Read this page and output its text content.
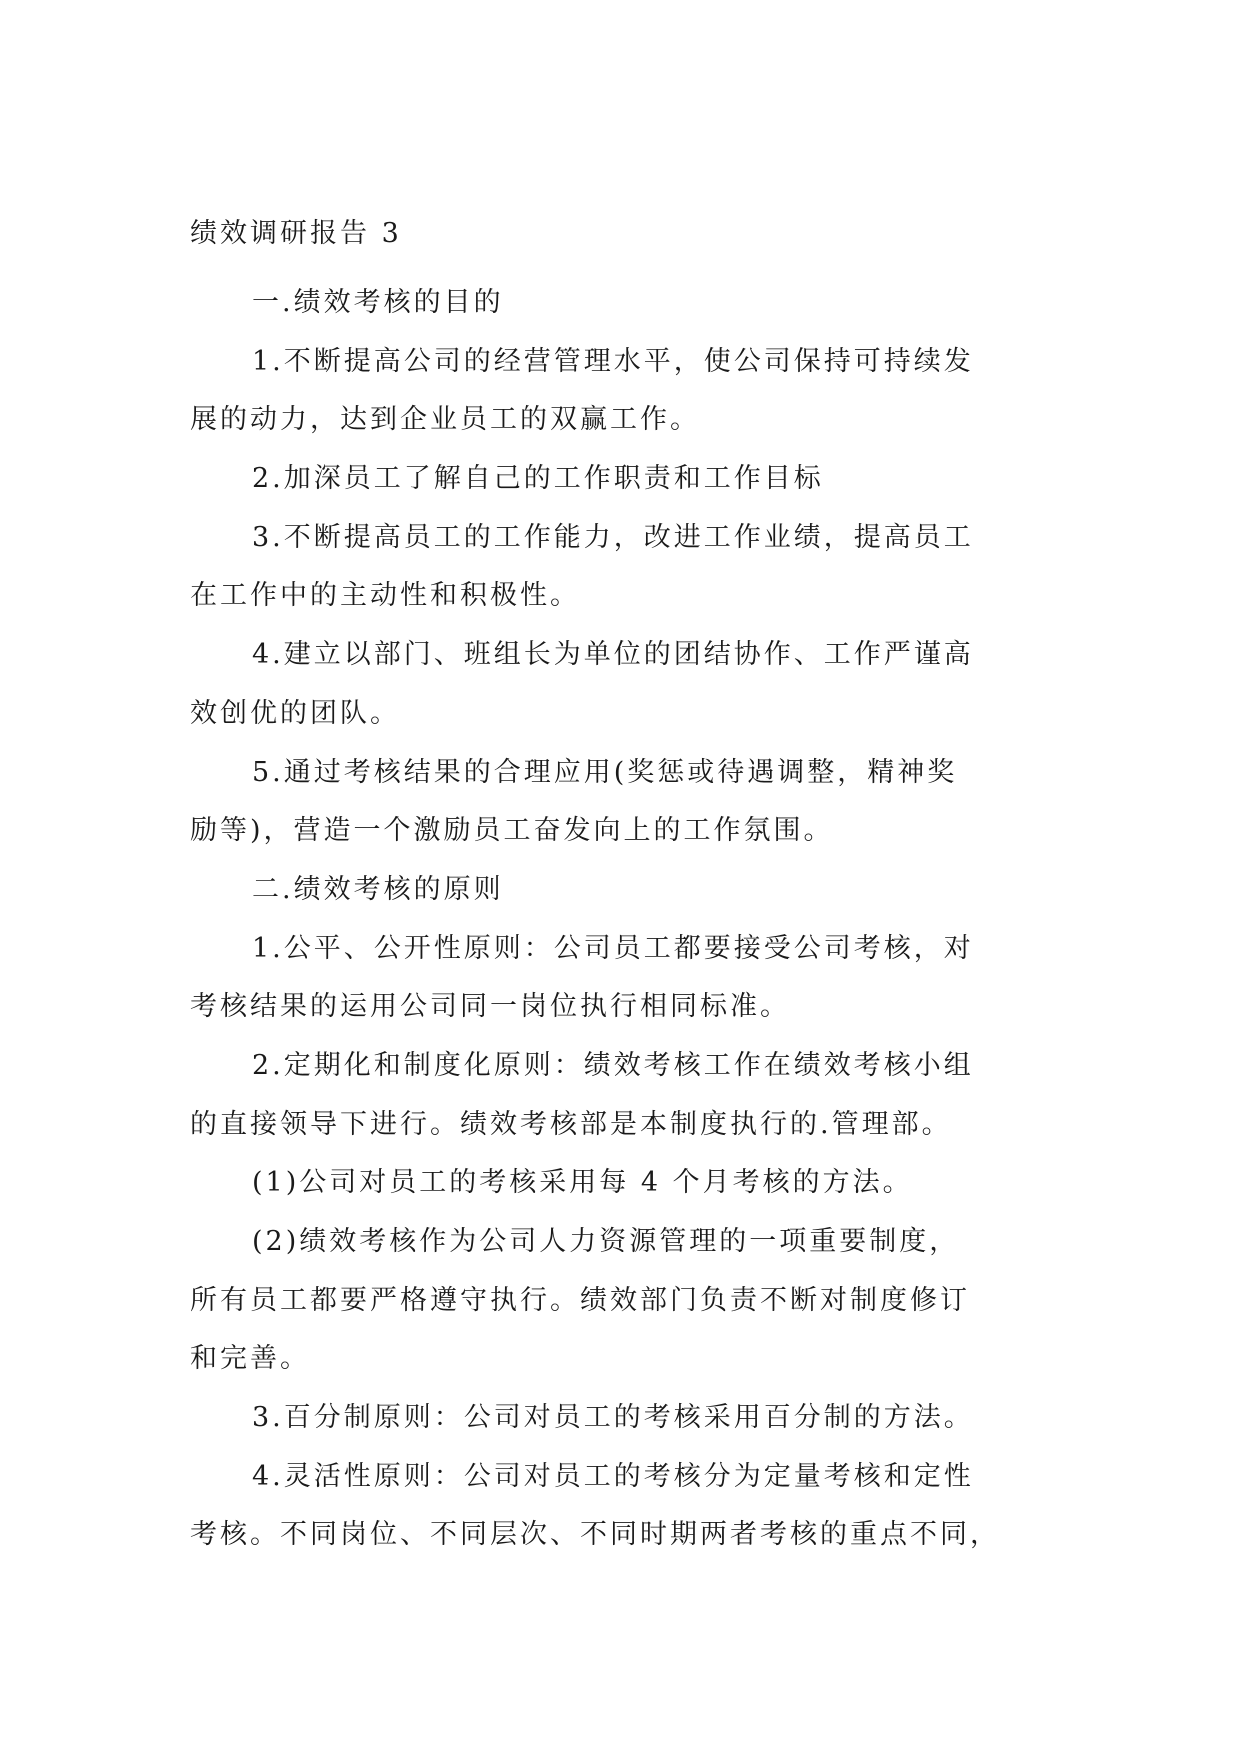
绩效调研报告 3
一.绩效考核的目的
1.不断提高公司的经营管理水平，使公司保持可持续发
展的动力，达到企业员工的双赢工作。
2.加深员工了解自己的工作职责和工作目标
3.不断提高员工的工作能力，改进工作业绩，提高员工
在工作中的主动性和积极性。
4.建立以部门、班组长为单位的团结协作、工作严谨高
效创优的团队。
5.通过考核结果的合理应用(奖惩或待遇调整，精神奖
励等)，营造一个激励员工奋发向上的工作氛围。
二.绩效考核的原则
1.公平、公开性原则：公司员工都要接受公司考核，对
考核结果的运用公司同一岗位执行相同标准。
2.定期化和制度化原则：绩效考核工作在绩效考核小组
的直接领导下进行。绩效考核部是本制度执行的.管理部。
(1)公司对员工的考核采用每 4 个月考核的方法。
(2)绩效考核作为公司人力资源管理的一项重要制度，
所有员工都要严格遵守执行。绩效部门负责不断对制度修订
和完善。
3.百分制原则：公司对员工的考核采用百分制的方法。
4.灵活性原则：公司对员工的考核分为定量考核和定性
考核。不同岗位、不同层次、不同时期两者考核的重点不同，
